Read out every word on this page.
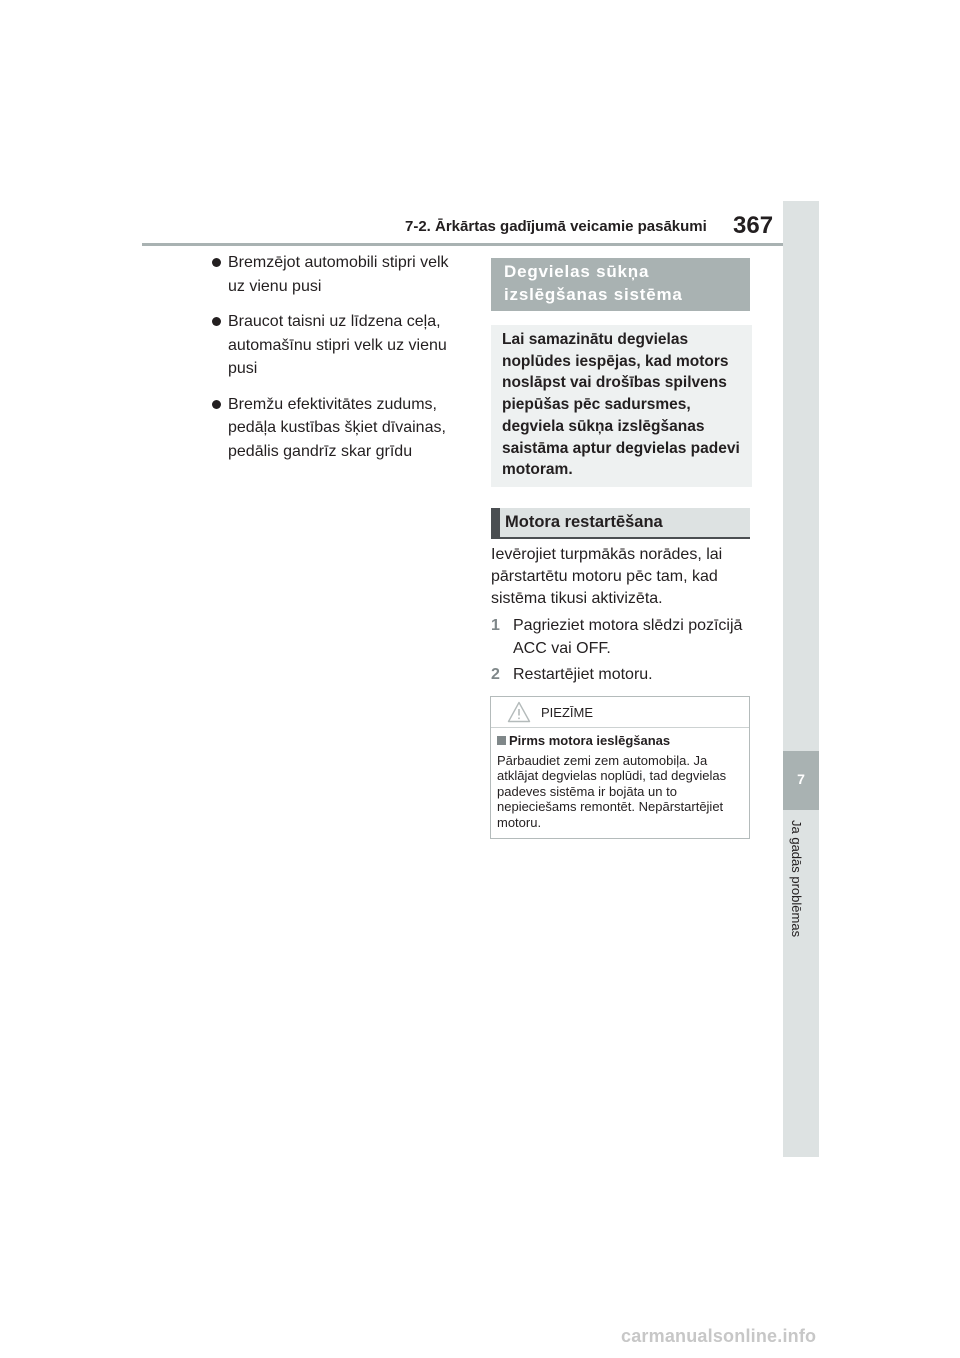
7-2. Ārkārtas gadījumā veicamie pasākumi 367
7
Ja gadās problēmas
Bremzējot automobili stipri velk uz vienu pusi
Braucot taisni uz līdzena ceļa, automašīnu stipri velk uz vienu pusi
Bremžu efektivitātes zudums, pedāļa kustības šķiet dīvainas, pedālis gandrīz skar grīdu
Degvielas sūkņa izslēgšanas sistēma
Lai samazinātu degvielas noplūdes iespējas, kad motors noslāpst vai drošības spilvens piepūšas pēc sadursmes, degviela sūkņa izslēgšanas saistāma aptur degvielas padevi motoram.
Motora restartēšana

Ievērojiet turpmākās norādes, lai pārstartētu motoru pēc tam, kad sistēma tikusi aktivizēta.

1 Pagrieziet motora slēdzi pozīcijā ACC vai OFF.
2 Restartējiet motoru.
PIEZĪME
Pirms motora ieslēgšanas
Pārbaudiet zemi zem automobiļa. Ja atklājat degvielas noplūdi, tad degvielas padeves sistēma ir bojāta un to nepieciešams remontēt. Nepārstartējiet motoru.
carmanualsonline.info
